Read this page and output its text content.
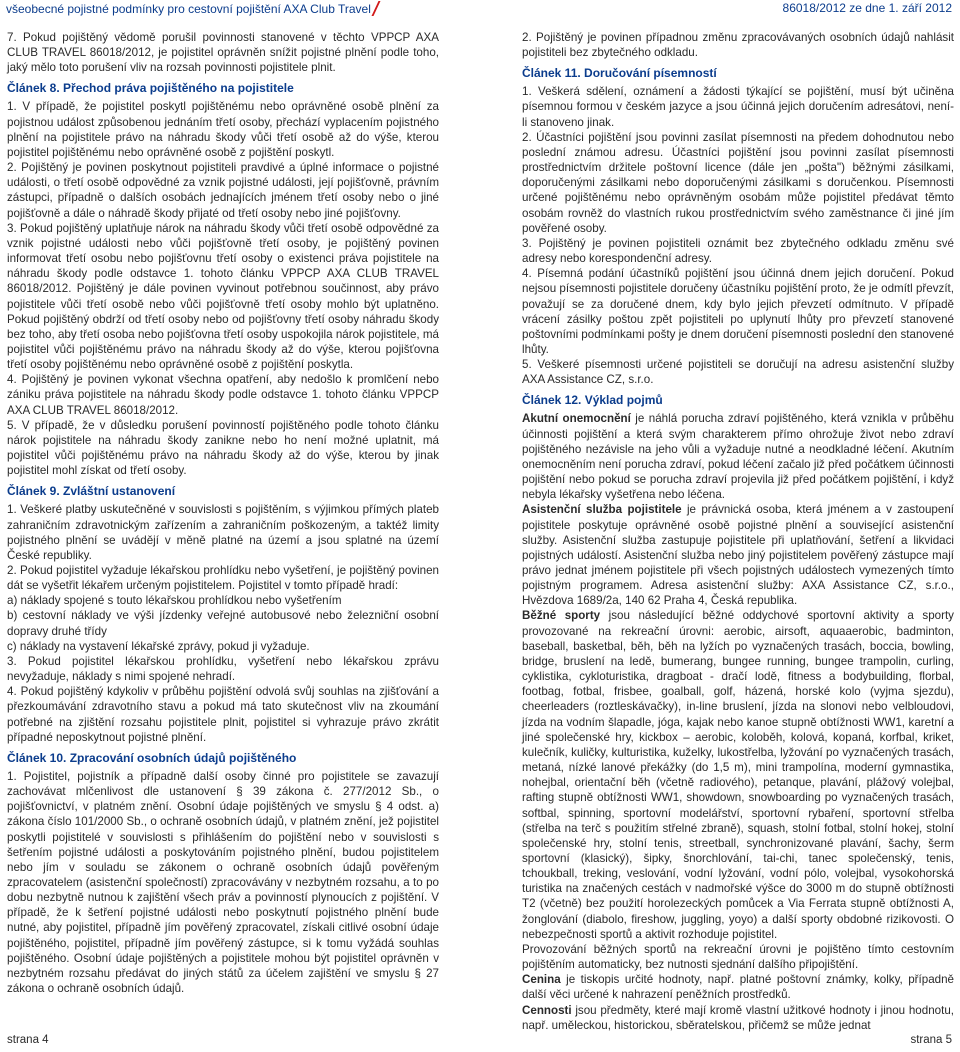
všeobecné pojistné podmínky pro cestovní pojištění AXA Club Travel	86018/2012 ze dne 1. září 2012

7. Pokud pojištěný vědomě porušil povinnosti stanovené v těchto VPPCP AXA CLUB TRAVEL 86018/2012, je pojistitel oprávněn snížit pojistné plnění podle toho, jaký mělo toto porušení vliv na rozsah povinnosti pojistitele plnit.

Článek 8. Přechod práva pojištěného na pojistitele

1. V případě, že pojistitel poskytl pojištěnému nebo oprávněné osobě plnění za pojistnou událost způsobenou jednáním třetí osoby, přechází vyplacením pojistného plnění na pojistitele právo na náhradu škody vůči třetí osobě až do výše, kterou pojistitel pojištěnému nebo oprávněné osobě z pojištění poskytl.

2. Pojištěný je povinen poskytnout pojistiteli pravdivé a úplné informace o pojistné události, o třetí osobě odpovědné za vznik pojistné události, její pojišťovně, právním zástupci, případně o dalších osobách jednajících jménem třetí osoby nebo o jiné pojišťovně a dále o náhradě škody přijaté od třetí osoby nebo jiné pojišťovny.

3. Pokud pojištěný uplatňuje nárok na náhradu škody vůči třetí osobě odpovědné za vznik pojistné události nebo vůči pojišťovně třetí osoby, je pojištěný povinen informovat třetí osobu nebo pojišťovnu třetí osoby o existenci práva pojistitele na náhradu škody podle odstavce 1. tohoto článku VPPCP AXA CLUB TRAVEL 86018/2012. Pojištěný je dále povinen vyvinout potřebnou součinnost, aby právo pojistitele vůči třetí osobě nebo vůči pojišťovně třetí osoby mohlo být uplatněno. Pokud pojištěný obdrží od třetí osoby nebo od pojišťovny třetí osoby náhradu škody bez toho, aby třetí osoba nebo pojišťovna třetí osoby uspokojila nárok pojistitele, má pojistitel vůči pojištěnému právo na náhradu škody až do výše, kterou pojišťovna třetí osoby pojištěnému nebo oprávněné osobě z pojištění poskytla.

4. Pojištěný je povinen vykonat všechna opatření, aby nedošlo k promlčení nebo zániku práva pojistitele na náhradu škody podle odstavce 1. tohoto článku VPPCP AXA CLUB TRAVEL 86018/2012.

5. V případě, že v důsledku porušení povinností pojištěného podle tohoto článku nárok pojistitele na náhradu škody zanikne nebo ho není možné uplatnit, má pojistitel vůči pojištěnému právo na náhradu škody až do výše, kterou by jinak pojistitel mohl získat od třetí osoby.

Článek 9. Zvláštní ustanovení

1. Veškeré platby uskutečněné v souvislosti s pojištěním, s výjimkou přímých plateb zahraničním zdravotnickým zařízením a zahraničním poškozeným, a taktéž limity pojistného plnění se uvádějí v měně platné na území a jsou splatné na území České republiky.

2. Pokud pojistitel vyžaduje lékařskou prohlídku nebo vyšetření, je pojištěný povinen dát se vyšetřit lékařem určeným pojistitelem. Pojistitel v tomto případě hradí:

a) náklady spojené s touto lékařskou prohlídkou nebo vyšetřením

b) cestovní náklady ve výši jízdenky veřejné autobusové nebo železniční osobní dopravy druhé třídy

c) náklady na vystavení lékařské zprávy, pokud ji vyžaduje.

3. Pokud pojistitel lékařskou prohlídku, vyšetření nebo lékařskou zprávu nevyžaduje, náklady s nimi spojené nehradí.

4. Pokud pojištěný kdykoliv v průběhu pojištění odvolá svůj souhlas na zjišťování a přezkoumávání zdravotního stavu a pokud má tato skutečnost vliv na zkoumání potřebné na zjištění rozsahu pojistitele plnit, pojistitel si vyhrazuje právo zkrátit případné neposkytnout pojistné plnění.

Článek 10. Zpracování osobních údajů pojištěného

1. Pojistitel, pojistník a případně další osoby činné pro pojistitele se zavazují zachovávat mlčenlivost dle ustanovení § 39 zákona č. 277/2012 Sb., o pojišťovnictví, v platném znění. Osobní údaje pojištěných ve smyslu § 4 odst. a) zákona číslo 101/2000 Sb., o ochraně osobních údajů, v platném znění, jež pojistitel poskytli pojistitelé v souvislosti s přihlášením do pojištění nebo v souvislosti s šetřením pojistné události a poskytováním pojistného plnění, budou pojistitelem nebo jím v souladu se zákonem o ochraně osobních údajů pověřeným zpracovatelem (asistenční společností) zpracovávány v nezbytném rozsahu, a to po dobu nezbytně nutnou k zajištění všech práv a povinností plynoucích z pojištění. V případě, že k šetření pojistné události nebo poskytnutí pojistného plnění bude nutné, aby pojistitel, případně jím pověřený zpracovatel, získali citlivé osobní údaje pojištěného, pojistitel, případně jím pověřený zástupce, si k tomu vyžádá souhlas pojištěného. Osobní údaje pojištěných a pojistitele mohou být pojistitel oprávněn v nezbytném rozsahu předávat do jiných států za účelem zajištění ve smyslu § 27 zákona o ochraně osobních údajů.

2. Pojištěný je povinen případnou změnu zpracovávaných osobních údajů nahlásit pojistiteli bez zbytečného odkladu.

Článek 11. Doručování písemností

1. Veškerá sdělení, oznámení a žádosti týkající se pojištění, musí být učiněna písemnou formou v českém jazyce a jsou účinná jejich doručením adresátovi, není-li stanoveno jinak.

2. Účastníci pojištění jsou povinni zasílat písemnosti na předem dohodnutou nebo poslední známou adresu. Účastníci pojištění jsou povinni zasílat písemnosti prostřednictvím držitele poštovní licence (dále jen „pošta") běžnými zásilkami, doporučenými zásilkami nebo doporučenými zásilkami s doručenkou. Písemnosti určené pojištěnému nebo oprávněným osobám může pojistitel předávat těmto osobám rovněž do vlastních rukou prostřednictvím svého zaměstnance či jiné jím pověřené osoby.

3. Pojištěný je povinen pojistiteli oznámit bez zbytečného odkladu změnu své adresy nebo korespondenční adresy.

4. Písemná podání účastníků pojištění jsou účinná dnem jejich doručení. Pokud nejsou písemnosti pojistitele doručeny účastníku pojištění proto, že je odmítl převzít, považují se za doručené dnem, kdy bylo jejich převzetí odmítnuto. V případě vrácení zásilky poštou zpět pojistiteli po uplynutí lhůty pro převzetí stanovené poštovními podmínkami pošty je dnem doručení písemnosti poslední den stanovené lhůty.

5. Veškeré písemnosti určené pojistiteli se doručují na adresu asistenční služby AXA Assistance CZ, s.r.o.

Článek 12. Výklad pojmů

Akutní onemocnění je náhlá porucha zdraví pojištěného, která vznikla v průběhu účinnosti pojištění a která svým charakterem přímo ohrožuje život nebo zdraví pojištěného nezávisle na jeho vůli a vyžaduje nutné a neodkladné léčení. Akutním onemocněním není porucha zdraví, pokud léčení začalo již před počátkem účinnosti pojištění nebo pokud se porucha zdraví projevila již před počátkem pojištění, i když nebyla lékařsky vyšetřena nebo léčena.

Asistenční služba pojistitele je právnická osoba, která jménem a v zastoupení pojistitele poskytuje oprávněné osobě pojistné plnění a související asistenční služby. Asistenční služba zastupuje pojistitele při uplatňování, šetření a likvidaci pojistných událostí. Asistenční služba nebo jiný pojistitelem pověřený zástupce mají právo jednat jménem pojistitele při všech pojistných událostech vymezených tímto pojistným programem. Adresa asistenční služby: AXA Assistance CZ, s.r.o., Hvězdova 1689/2a, 140 62 Praha 4, Česká republika.

Běžné sporty jsou následující běžné oddychové sportovní aktivity a sporty provozované na rekreační úrovni: aerobic, airsoft, aquaaerobic, badminton, baseball, basketbal, běh, běh na lyžích po vyznačených trasách, boccia, bowling, bridge, bruslení na ledě, bumerang, bungee running, bungee trampolin, curling, cyklistika, cykloturistika, dragboat - dračí lodě, fitness a bodybuilding, florbal, footbag, fotbal, frisbee, goalball, golf, házená, horské kolo (vyjma sjezdu), cheerleaders (roztleskávačky), in-line bruslení, jízda na slonovi nebo velbloudovi, jízda na vodním šlapadle, jóga, kajak nebo kanoe stupně obtížnosti WW1, karetní a jiné společenské hry, kickbox – aerobic, koloběh, kolová, kopaná, korfbal, kriket, kulečník, kuličky, kulturistika, kuželky, lukostřelba, lyžování po vyznačených trasách, metaná, nízké lanové překážky (do 1,5 m), mini trampolína, moderní gymnastika, nohejbal, orientační běh (včetně radiového), petanque, plavání, plážový volejbal, rafting stupně obtížnosti WW1, showdown, snowboarding po vyznačených trasách, softbal, spinning, sportovní modelářství, sportovní rybaření, sportovní střelba (střelba na terč s použitím střelné zbraně), squash, stolní fotbal, stolní hokej, stolní společenské hry, stolní tenis, streetball, synchronizované plavání, šachy, šerm sportovní (klasický), šipky, šnorchlování, tai-chi, tanec společenský, tenis, tchoukball, treking, veslování, vodní lyžování, vodní pólo, volejbal, vysokohorská turistika na značených cestách v nadmořské výšce do 3000 m do stupně obtížnosti T2 (včetně) bez použití horolezeckých pomůcek a Via Ferrata stupně obtížnosti A, žonglování (diabolo, fireshow, juggling, yoyo) a další sporty obdobné rizikovosti. O nebezpečnosti sportů a aktivit rozhoduje pojistitel.

Provozování běžných sportů na rekreační úrovni je pojištěno tímto cestovním pojištěním automaticky, bez nutnosti sjednání dalšího připojištění.

Cenina je tiskopis určité hodnoty, např. platné poštovní známky, kolky, případně další věci určené k nahrazení peněžních prostředků.

Cennosti jsou předměty, které mají kromě vlastní užitkové hodnoty i jinou hodnotu, např. uměleckou, historickou, sběratelskou, přičemž se může jednat

strana 4	strana 5
